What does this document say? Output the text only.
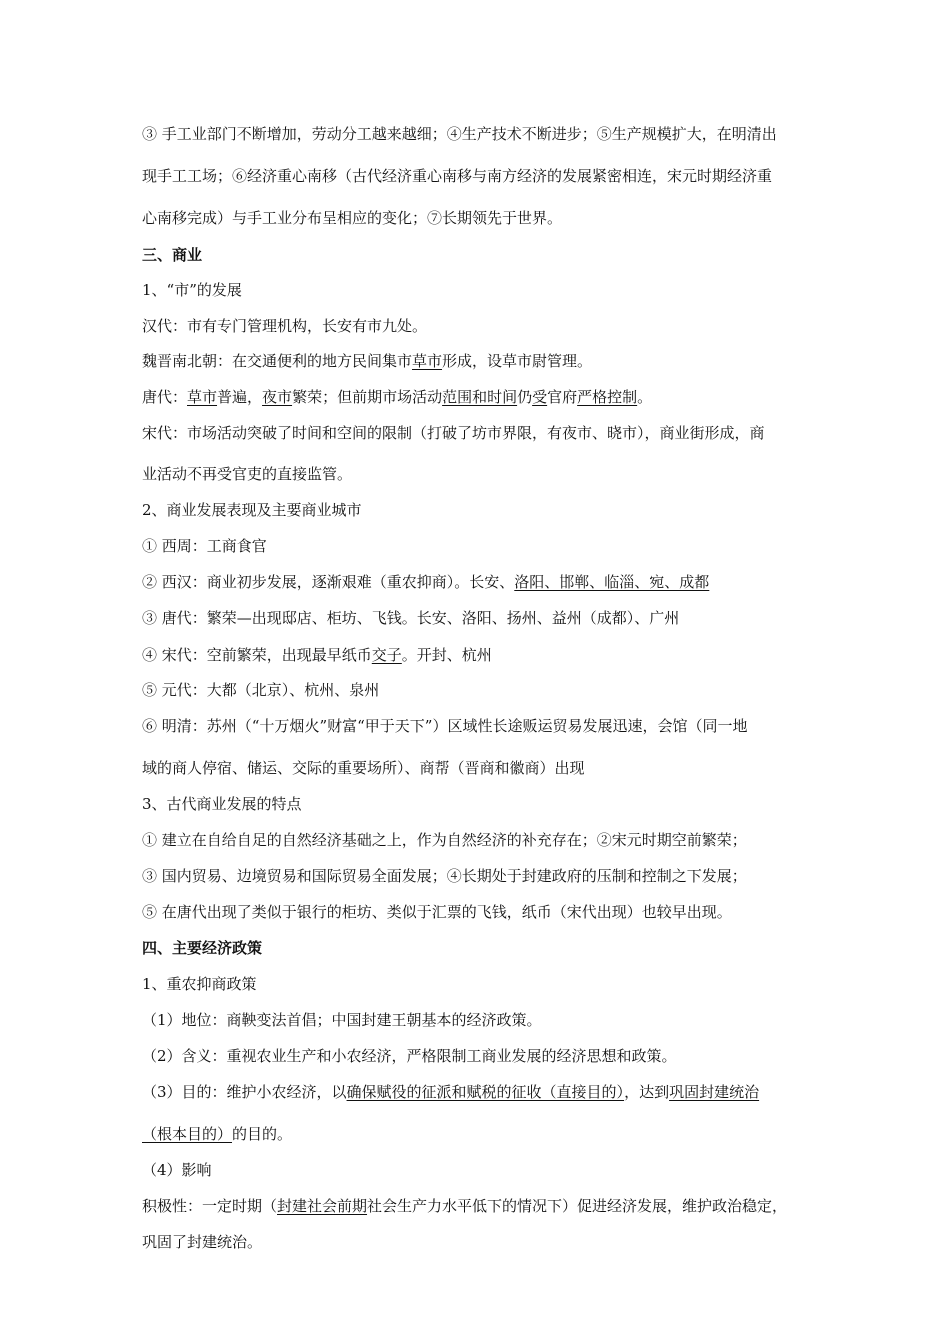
③ 手工业部门不断增加，劳动分工越来越细；④生产技术不断进步；⑤生产规模扩大，在明清出
现手工工场；⑥经济重心南移（古代经济重心南移与南方经济的发展紧密相连，宋元时期经济重
心南移完成）与手工业分布呈相应的变化；⑦长期领先于世界。
三、商业
1、“市”的发展
汉代：市有专门管理机构，长安有市九处。
魏晋南北朝：在交通便利的地方民间集市草市形成，设草市尉管理。
唐代：草市普遍，夜市繁荣；但前期市场活动范围和时间仍受官府严格控制。
宋代：市场活动突破了时间和空间的限制（打破了坊市界限，有夜市、晓市），商业街形成，商
业活动不再受官吏的直接监管。
2、商业发展表现及主要商业城市
① 西周：工商食官
② 西汉：商业初步发展，逐渐艰难（重农抑商）。长安、洛阳、邯郸、临淄、宛、成都
③ 唐代：繁荣—出现邸店、柜坊、飞钱。长安、洛阳、扬州、益州（成都）、广州
④ 宋代：空前繁荣，出现最早纸币交子。开封、杭州
⑤ 元代：大都（北京）、杭州、泉州
⑥ 明清：苏州（“十万烟火”财富“甲于天下”）区域性长途贩运贸易发展迅速，会馆（同一地
域的商人停宿、储运、交际的重要场所）、商帮（晋商和徽商）出现
3、古代商业发展的特点
① 建立在自给自足的自然经济基础之上，作为自然经济的补充存在；②宋元时期空前繁荣；
③ 国内贸易、边境贸易和国际贸易全面发展；④长期处于封建政府的压制和控制之下发展；
⑤ 在唐代出现了类似于银行的柜坊、类似于汇票的飞钱，纸币（宋代出现）也较早出现。
四、主要经济政策
1、重农抑商政策
（1）地位：商鞅变法首倡；中国封建王朝基本的经济政策。
（2）含义：重视农业生产和小农经济，严格限制工商业发展的经济思想和政策。
（3）目的：维护小农经济，以确保赋役的征派和赋税的征收（直接目的），达到巩固封建统治
（根本目的）的目的。
（4）影响
积极性：一定时期（封建社会前期社会生产力水平低下的情况下）促进经济发展，维护政治稳定，
巩固了封建统治。
